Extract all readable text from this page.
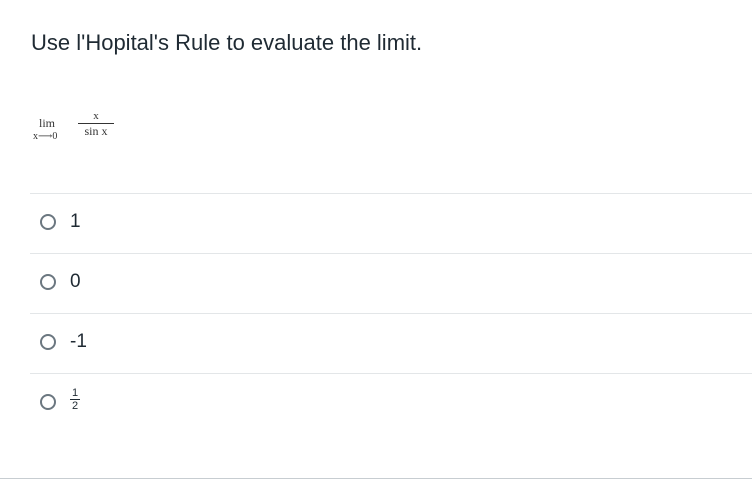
Use l'Hopital's Rule to evaluate the limit.
lim
x⟶0
x
sin x
1
0
-1
1
2
